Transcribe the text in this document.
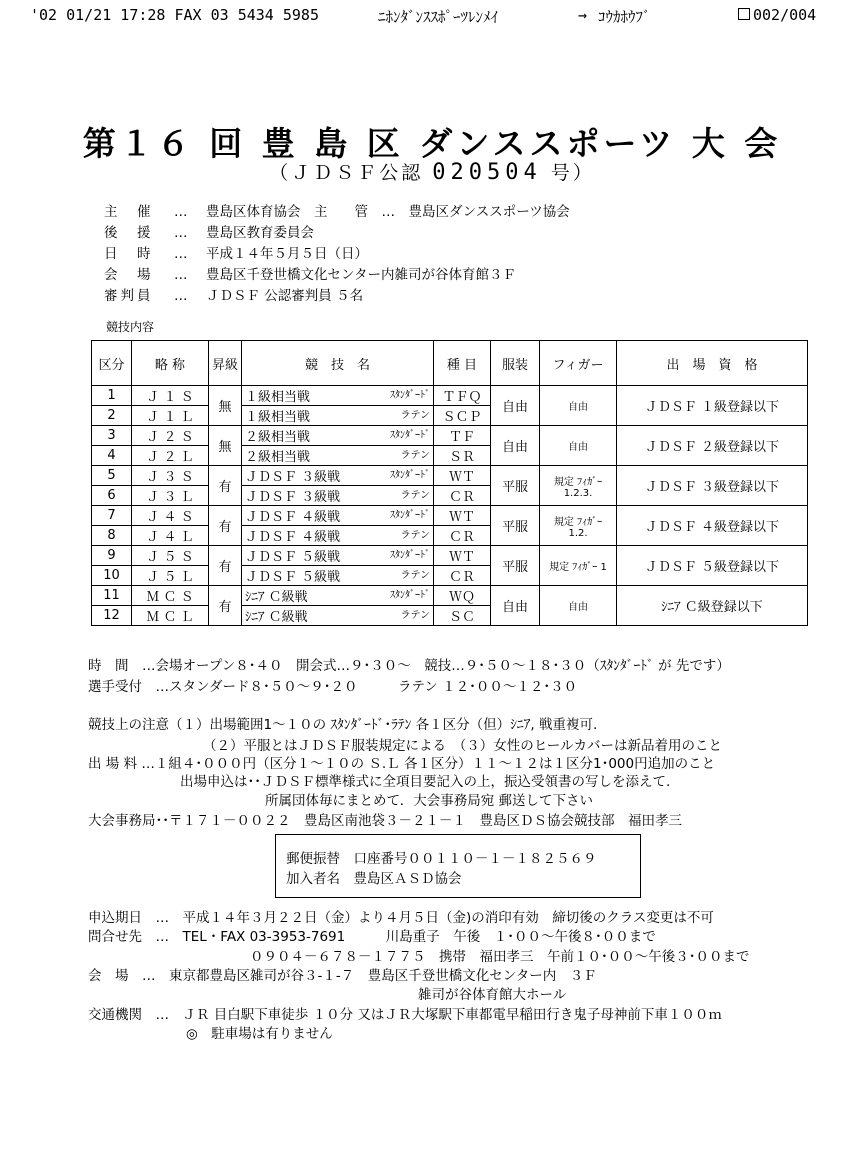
'02 01/21 17:28 FAX 03 5434 5985	ﾆﾎﾝﾀﾞﾝｽｽﾎﾟｰﾂﾚﾝﾒｲ	→ ｺｳｶﾎｳﾌﾞ	002/004
第１６ 回 豊 島 区 ダンススポーツ 大 会
（ＪＤＳＦ公認 020504 号）
主　催 … 豊島区体育協会　主　　管　…　豊島区ダンススポーツ協会
後　援 … 豊島区教育委員会
日　時 … 平成１４年５月５日（日）
会　場 … 豊島区千登世橋文化センター内雑司が谷体育館３Ｆ
審判員 … ＪＤＳＦ 公認審判員 ５名
競技内容
区分	略 称	昇級	競　技　名	種 目	服装	フィガー	出　場　資　格
1	Ｊ １ Ｓ	無	１級相当戦 ｽﾀﾝﾀﾞｰﾄﾞ	ＴＦＱ	自由	自由	ＪＤＳＦ １級登録以下
2	Ｊ １ Ｌ		１級相当戦 ラテン	ＳＣＰ			
3	Ｊ ２ Ｓ	無	２級相当戦 ｽﾀﾝﾀﾞｰﾄﾞ	ＴＦ	自由	自由	ＪＤＳＦ ２級登録以下
4	Ｊ ２ Ｌ		２級相当戦 ラテン	ＳＲ			
5	Ｊ ３ Ｓ	有	ＪＤＳＦ ３級戦 ｽﾀﾝﾀﾞｰﾄﾞ	ＷＴ	平服	規定 ﾌｨｶﾞｰ 1.2.3.	ＪＤＳＦ ３級登録以下
6	Ｊ ３ Ｌ		ＪＤＳＦ ３級戦 ラテン	ＣＲ			
7	Ｊ ４ Ｓ	有	ＪＤＳＦ ４級戦 ｽﾀﾝﾀﾞｰﾄﾞ	ＷＴ	平服	規定 ﾌｨｶﾞｰ 1.2.	ＪＤＳＦ ４級登録以下
8	Ｊ ４ Ｌ		ＪＤＳＦ ４級戦 ラテン	ＣＲ			
9	Ｊ ５ Ｓ	有	ＪＤＳＦ ５級戦 ｽﾀﾝﾀﾞｰﾄﾞ	ＷＴ	平服	規定 ﾌｨｶﾞｰ 1	ＪＤＳＦ ５級登録以下
10	Ｊ ５ Ｌ		ＪＤＳＦ ５級戦 ラテン	ＣＲ			
11	Ｍ Ｃ Ｓ	有	ｼﾆｱ Ｃ級戦 ｽﾀﾝﾀﾞｰﾄﾞ	ＷＱ	自由	自由	ｼﾆｱ Ｃ級登録以下
12	Ｍ Ｃ Ｌ		ｼﾆｱ Ｃ級戦 ラテン	ＳＣ			
時　間　…会場オープン８･４０　開会式…９･３０～　競技…９･５０～１８･３０（ｽﾀﾝﾀﾞｰﾄﾞ が 先です）
選手受付　…スタンダード８･５０～９･２０　　　ラテン １２･００～１２･３０
競技上の注意（１）出場範囲1～１０の ｽﾀﾝﾀﾞｰﾄﾞ･ﾗﾃﾝ 各１区分（但）ｼﾆｱ, 戦重複可.
（２）平服とはＪＤＳＦ服装規定による　（３）女性のヒールカバーは新品着用のこと
出 場 料 …１組４･０００円（区分１～１０の Ｓ.Ｌ 各１区分）１１～１２は１区分1･000円追加のこと
出場申込は･･ＪＤＳＦ標準様式に全項目要記入の上，振込受領書の写しを添えて.
所属団体毎にまとめて．大会事務局宛 郵送して下さい
大会事務局･･〒１７１－００２２　豊島区南池袋３－２１－１　豊島区ＤＳ協会競技部　福田孝三
郵便振替　口座番号００１１０－１－１８２５６９
加入者名　豊島区ＡＳＤ協会
申込期日　…　平成１４年３月２２日（金）より４月５日（金)の消印有効　締切後のクラス変更は不可
問合せ先　…　TEL・FAX 03-3953-7691　　　川島重子　午後　１･００～午後８･００まで
０９０４－６７８－１７７５　携帯　福田孝三　午前１０･００～午後３･００まで
会　場　…　東京都豊島区雑司が谷３-１-７　豊島区千登世橋文化センター内　３Ｆ
雑司が谷体育館大ホール
交通機関　…　ＪＲ 目白駅下車徒歩 １０分 又はＪＲ大塚駅下車都電早稲田行き鬼子母神前下車１００ｍ
◎　駐車場は有りません
